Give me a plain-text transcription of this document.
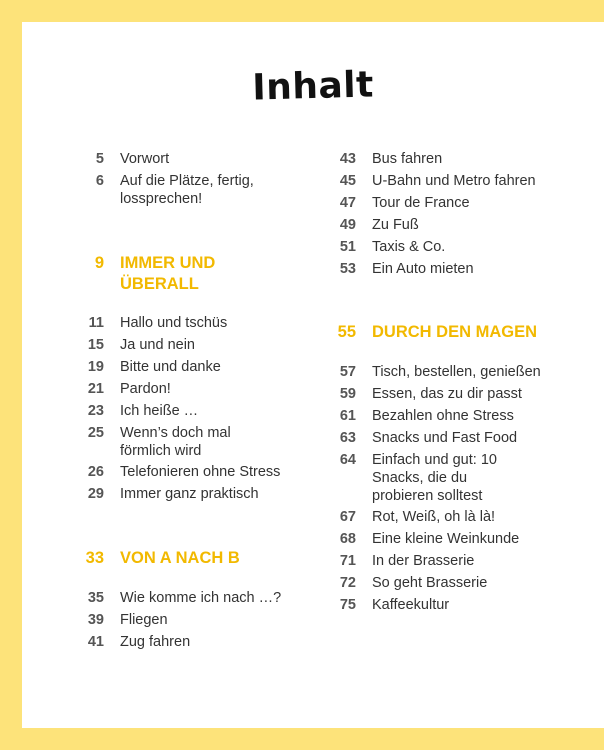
Inhalt
5 Vorwort
6 Auf die Plätze, fertig, lossprechen!
9 IMMER UND ÜBERALL
11 Hallo und tschüs
15 Ja und nein
19 Bitte und danke
21 Pardon!
23 Ich heiße …
25 Wenn’s doch mal förmlich wird
26 Telefonieren ohne Stress
29 Immer ganz praktisch
33 VON A NACH B
35 Wie komme ich nach …?
39 Fliegen
41 Zug fahren
43 Bus fahren
45 U-Bahn und Metro fahren
47 Tour de France
49 Zu Fuß
51 Taxis & Co.
53 Ein Auto mieten
55 DURCH DEN MAGEN
57 Tisch, bestellen, genießen
59 Essen, das zu dir passt
61 Bezahlen ohne Stress
63 Snacks und Fast Food
64 Einfach und gut: 10 Snacks, die du probieren solltest
67 Rot, Weiß, oh là là!
68 Eine kleine Weinkunde
71 In der Brasserie
72 So geht Brasserie
75 Kaffeekultur
